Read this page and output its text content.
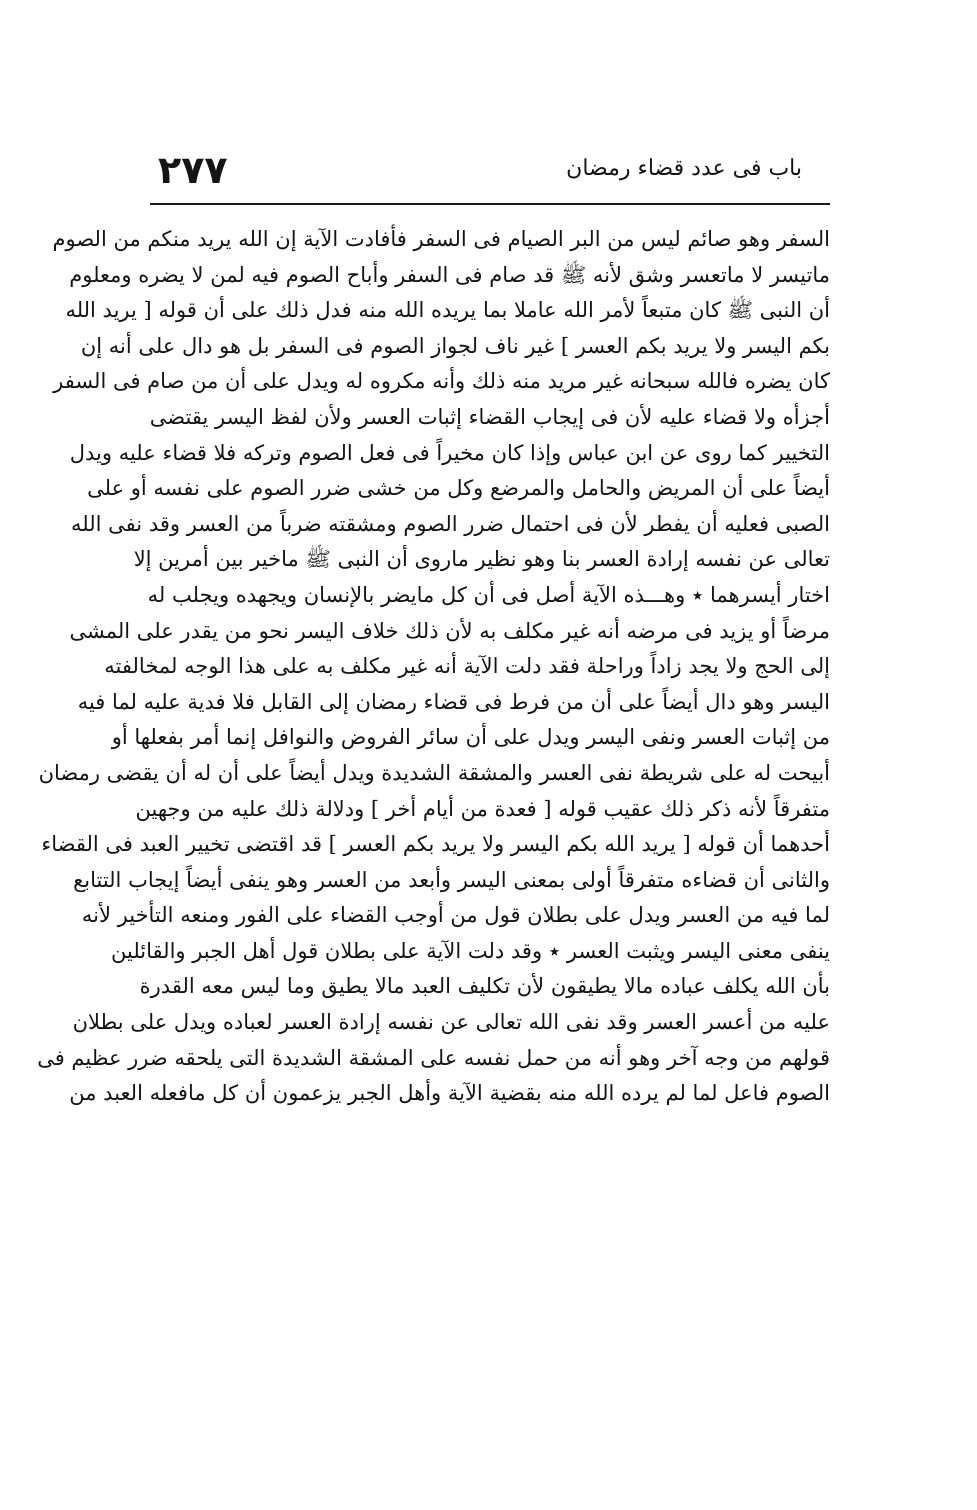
٢٧٧	باب فى عدد قضاء رمضان
السفر وهو صائم ليس من البر الصيام فى السفر فأفادت الآية إن الله يريد منكم من الصوم
ماتيسر لا ماتعسر وشق لأنه ﷺ قد صام فى السفر وأباح الصوم فيه لمن لا يضره ومعلوم
أن النبى ﷺ كان متبعاً لأمر الله عاملا بما يريده الله منه فدل ذلك على أن قوله [ يريد الله
بكم اليسر ولا يريد بكم العسر ] غير ناف لجواز الصوم فى السفر بل هو دال على أنه إن
كان يضره فالله سبحانه غير مريد منه ذلك وأنه مكروه له ويدل على أن من صام فى السفر
أجزأه ولا قضاء عليه لأن فى إيجاب القضاء إثبات العسر ولأن لفظ اليسر يقتضى
التخيير كما روى عن ابن عباس وإذا كان مخيراً فى فعل الصوم وتركه فلا قضاء عليه ويدل
أيضاً على أن المريض والحامل والمرضع وكل من خشى ضرر الصوم على نفسه أو على
الصبى فعليه أن يفطر لأن فى احتمال ضرر الصوم ومشقته ضرباً من العسر وقد نفى الله
تعالى عن نفسه إرادة العسر بنا وهو نظير ماروى أن النبى ﷺ ماخير بين أمرين إلا
اختار أيسرهما ٭ وهـــذه الآية أصل فى أن كل مايضر بالإنسان ويجهده ويجلب له
مرضاً أو يزيد فى مرضه أنه غير مكلف به لأن ذلك خلاف اليسر نحو من يقدر على المشى
إلى الحج ولا يجد زاداً وراحلة فقد دلت الآية أنه غير مكلف به على هذا الوجه لمخالفته
اليسر وهو دال أيضاً على أن من فرط فى قضاء رمضان إلى القابل فلا فدية عليه لما فيه
من إثبات العسر ونفى اليسر ويدل على أن سائر الفروض والنوافل إنما أمر بفعلها أو
أبيحت له على شريطة نفى العسر والمشقة الشديدة ويدل أيضاً على أن له أن يقضى رمضان
متفرقاً لأنه ذكر ذلك عقيب قوله [ فعدة من أيام أخر ] ودلالة ذلك عليه من وجهين
أحدهما أن قوله [ يريد الله بكم اليسر ولا يريد بكم العسر ] قد اقتضى تخيير العبد فى القضاء
والثانى أن قضاءه متفرقاً أولى بمعنى اليسر وأبعد من العسر وهو ينفى أيضاً إيجاب التتابع
لما فيه من العسر ويدل على بطلان قول من أوجب القضاء على الفور ومنعه التأخير لأنه
ينفى معنى اليسر ويثبت العسر ٭ وقد دلت الآية على بطلان قول أهل الجبر والقائلين
بأن الله يكلف عباده مالا يطيقون لأن تكليف العبد مالا يطيق وما ليس معه القدرة
عليه من أعسر العسر وقد نفى الله تعالى عن نفسه إرادة العسر لعباده ويدل على بطلان
قولهم من وجه آخر وهو أنه من حمل نفسه على المشقة الشديدة التى يلحقه ضرر عظيم فى
الصوم فاعل لما لم يرده الله منه بقضية الآية وأهل الجبر يزعمون أن كل مافعله العبد من
